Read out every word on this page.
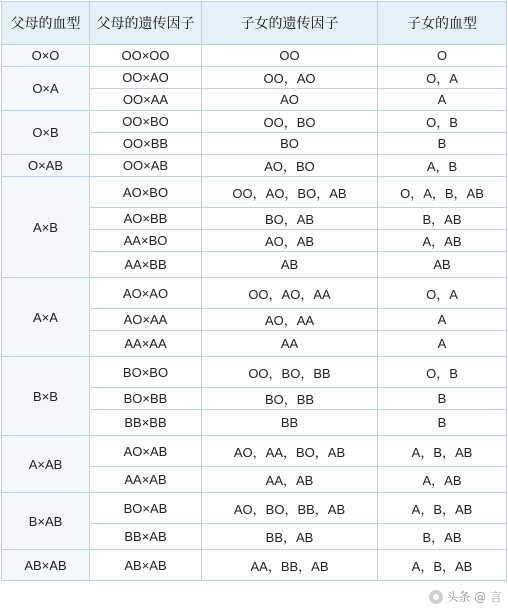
父母的血型	父母的遗传因子	子女的遗传因子	子女的血型
O×O	OO×OO	OO	O
O×A	OO×AO	OO，AO	O，A
	OO×AA	AO	A
O×B	OO×BO	OO，BO	O，B
	OO×BB	BO	B
O×AB	OO×AB	AO，BO	A，B
A×B	AO×BO	OO，AO，BO，AB	O，A，B，AB
	AO×BB	BO，AB	B，AB
	AA×BO	AO，AB	A，AB
	AA×BB	AB	AB
A×A	AO×AO	OO，AO，AA	O，A
	AO×AA	AO，AA	A
	AA×AA	AA	A
B×B	BO×BO	OO，BO，BB	O，B
	BO×BB	BO，BB	B
	BB×BB	BB	B
A×AB	AO×AB	AO，AA，BO，AB	A，B，AB
	AA×AB	AA，AB	A，AB
B×AB	BO×AB	AO，BO，BB，AB	A，B，AB
	BB×AB	BB，AB	B，AB
AB×AB	AB×AB	AA，BB，AB	A，B，AB
头条 @ 言
